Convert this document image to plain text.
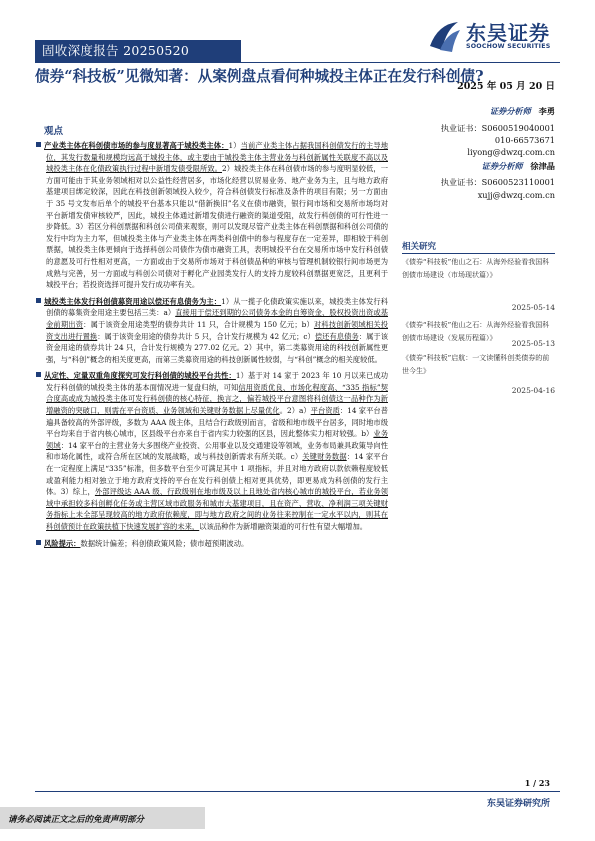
固收深度报告 20250520
东吴证券
SOOCHOW SECURITIES
债券“科技板”见微知著：从案例盘点看何种城投主体正在发行科创债?
2025 年 05 月 20 日
证券分析师 李勇
执业证书：S0600519040001
010-66573671
liyong@dwzq.com.cn
证券分析师 徐津晶
执业证书：S0600523110001
xujj@dwzq.com.cn
观点
产业类主体在科创债市场的参与度显著高于城投类主体：1）当前产业类主体占据我国科创债发行的主导地位，其发行数量和规模均远高于城投主体，或主要由于城投类主体主营业务与科创新属性关联度不高以及城投类主体在化债政策执行过程中新增发债受限所致。2）城投类主体在科创债市场的参与度明显较低，一方面可能由于其业务领域相对以公益性经营居多，市场化经营以贸易业务、地产业务为主，且与地方政府基建项目绑定较深，因此在科技创新领域投入较少，符合科创债发行标准及条件的项目有限；另一方面由于 35 号文发布后单个的城投平台基本只能以“借新换旧”名义在债市融资，银行间市场和交易所市场均对平台新增发债审核较严，因此，城投主体通过新增发债进行融资的渠道受阻，故发行科创债的可行性进一步降低。3）若区分科创票据和科创公司债来观察，则可以发现尽管产业类主体在科创票据和科创公司债的发行中均为主力军，但城投类主体与产业类主体在两类科创债中的参与程度存在一定差异，即相较于科创票据，城投类主体更倾向于选择科创公司债作为债市融资工具，表明城投平台在交易所市场中发行科创债的意愿及可行性相对更高，一方面或由于交易所市场对于科创债品种的审核与管理机制较银行间市场更为成熟与完善，另一方面或与科创公司债对于孵化产业园类发行人的支持力度较科创票据更宽泛，且更利于城投平台；若投资选择可提升发行成功率有关。
城投类主体发行科创债募资用途以偿还有息债务为主：1）从一揽子化债政策实施以来，城投类主体发行科创债的募集资金用途主要包括三类：a）直接用于偿还到期的公司债务本金的自筹资金、股权投资出资或基金前期出资：属于该资金用途类型的债券共计 11 只，合计规模为 150 亿元；b）对科技创新领域相关投资支出进行置换：属于该资金用途的债券共计 5 只，合计发行规模为 42 亿元；c）偿还有息债务：属于该资金用途的债券共计 24 只，合计发行规模为 277.02 亿元。2）其中，第二类募资用途的科技创新属性更强，与“科创”概念的相关度更高，而第三类募资用途的科技创新属性较弱，与“科创”概念的相关度较低。
从定性、定量双重角度探究可发行科创债的城投平台共性：1）基于对 14 家于 2023 年 10 月以来已成功发行科创债的城投类主体的基本面情况进一复盘归纳，可知信用资质优良、市场化程度高、“335 指标”契合度高或成为城投类主体可发行科创债的核心特征，换言之，偏若城投平台意图将科创债这一品种作为新增融资的突破口，则需在平台资质、业务领域和关键财务数据上尽量优化。2）a）平台资质：14 家平台普遍具备较高的外部评级，多数为 AAA 级主体，且结合行政级别而言，省级和地市级平台居多，同时地市级平台均来自于省内核心城市，区县级平台亦来自于省内实力较强的区县，因此整体实力相对较强。b）业务领域：14 家平台的主营业务大多围绕产业投资、公用事业以及交通建设等领域，业务布局兼具政策导向性和市场化属性，或符合所在区域的发展战略，或与科技创新需求有所关联。c）关键财务数据：14 家平台在一定程度上满足“335”标准，但多数平台至少可满足其中 1 项指标，并且对地方政府以款依赖程度较低或盈利能力相对独立于地方政府支持的平台在发行科创债上相对更具优势，即更易成为科创债的发行主体。3）综上，外部评级达 AAA 级、行政级别在地市级及以上且地处省内核心城市的城投平台，若业务领域中承担较多科创孵化任务或主营区域市政服务和城市大基建项目，且在资产、营收、净利润三项关键财务指标上未全部呈现较高的地方政府依赖度，即与地方政府之间的业务往来控制在一定水平以内，则其在科创债预计在政策扶植下快速发展扩容的未来，以该品种作为新增融资渠道的可行性有望大幅增加。
风险提示：数据统计偏差；科创债政策风险；债市超预期波动。
相关研究
《债券“科技板”他山之石：从海外经验看我国科创债市场建设（市场现状篇）》
2025-05-14
《债券“科技板”他山之石：从海外经验看我国科创债市场建设（发展历程篇）》
2025-05-13
《债券“科技板”启航：一文读懂科创类债券的前世今生》
2025-04-16
1 / 23
东吴证券研究所
请务必阅读正文之后的免责声明部分
